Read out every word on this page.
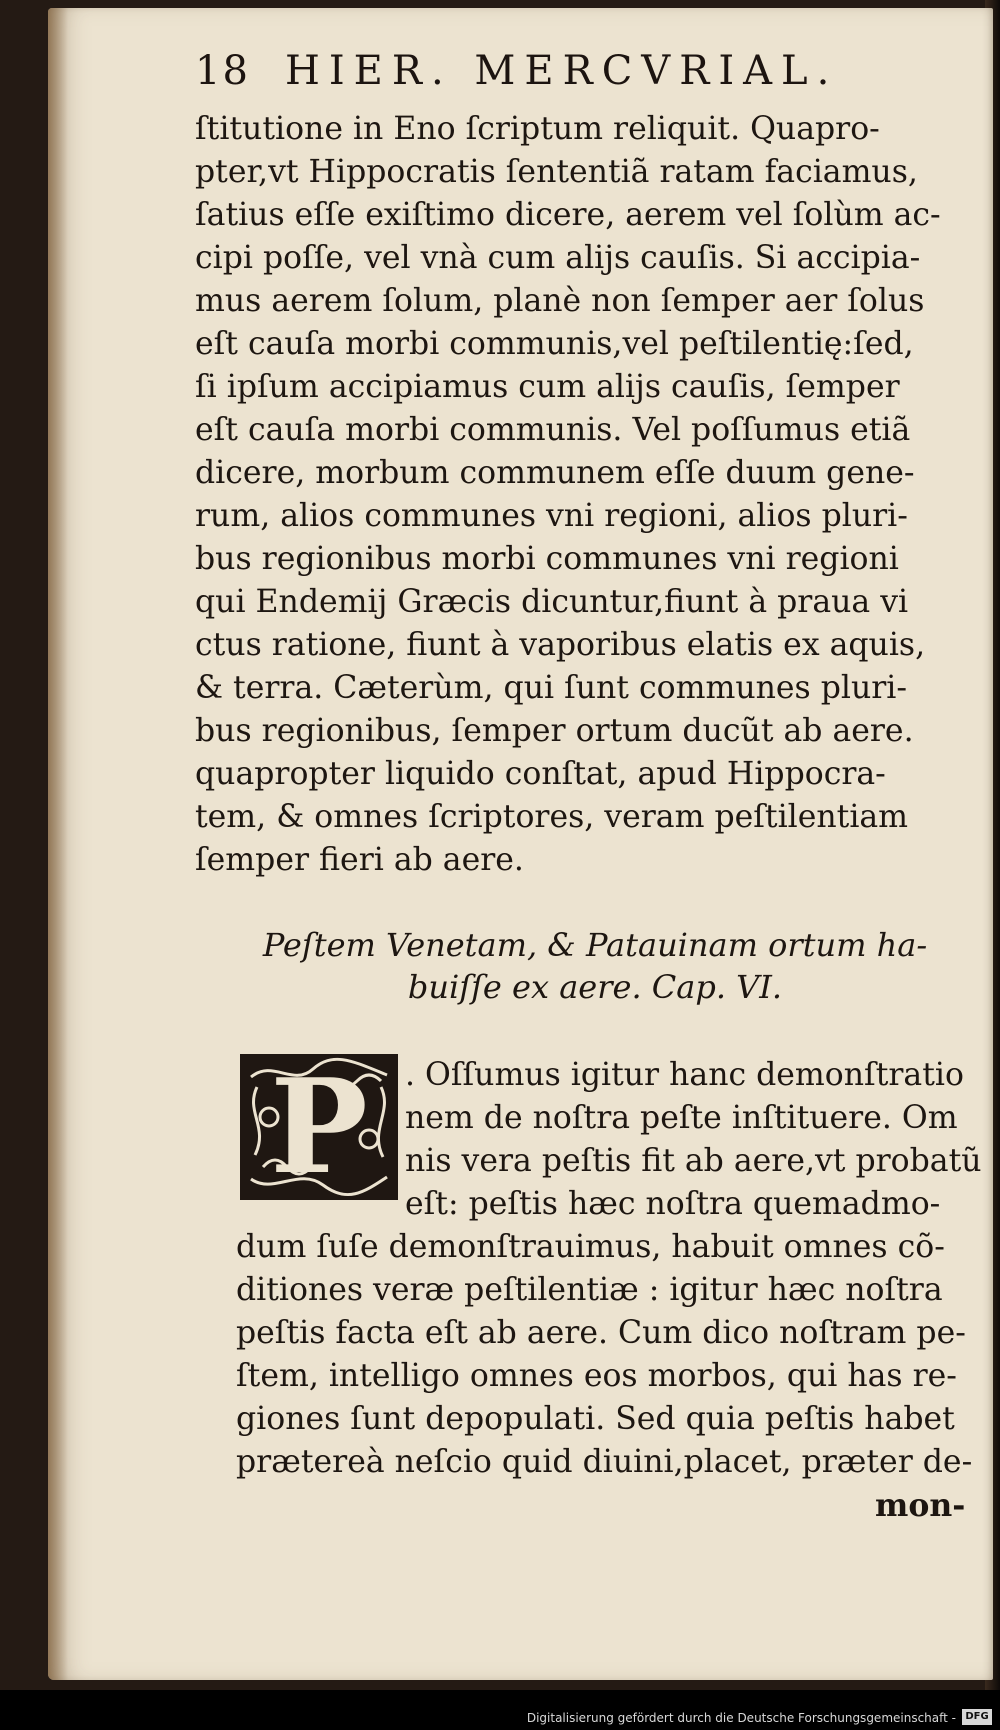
18 HIER. MERCVRIAL.
ſtitutione in Eno ſcriptum reliquit. Quapro-
pter,vt Hippocratis ſententiã ratam faciamus,
ſatius eſſe exiſtimo dicere, aerem vel ſolùm ac-
cipi poſſe, vel vnà cum alijs cauſis. Si accipia-
mus aerem ſolum, planè non ſemper aer ſolus
eſt cauſa morbi communis,vel peſtilentię:ſed,
ſi ipſum accipiamus cum alijs cauſis, ſemper
eſt cauſa morbi communis. Vel poſſumus etiã
dicere, morbum communem eſſe duum gene-
rum, alios communes vni regioni, alios pluri-
bus regionibus morbi communes vni regioni
qui Endemij Græcis dicuntur,fiunt à praua vi
ctus ratione, fiunt à vaporibus elatis ex aquis,
& terra. Cæterùm, qui ſunt communes pluri-
bus regionibus, ſemper ortum ducũt ab aere.
quapropter liquido conſtat, apud Hippocra-
tem, & omnes ſcriptores, veram peſtilentiam
ſemper fieri ab aere.
Peſtem Venetam, & Patauinam ortum ha-
buiſſe ex aere. Cap. VI.
P . Oſſumus igitur hanc demonſtratio
nem de noſtra peſte inſtituere. Om
nis vera peſtis fit ab aere,vt probatũ
eſt: peſtis hæc noſtra quemadmo-
dum ſuſe demonſtrauimus, habuit omnes cõ-
ditiones veræ peſtilentiæ : igitur hæc noſtra
peſtis facta eſt ab aere. Cum dico noſtram pe-
ſtem, intelligo omnes eos morbos, qui has re-
giones ſunt depopulati. Sed quia peſtis habet
prætereà neſcio quid diuini,placet, præter de-
mon-
Digitalisierung gefördert durch die Deutsche Forschungsgemeinschaft - DFG
